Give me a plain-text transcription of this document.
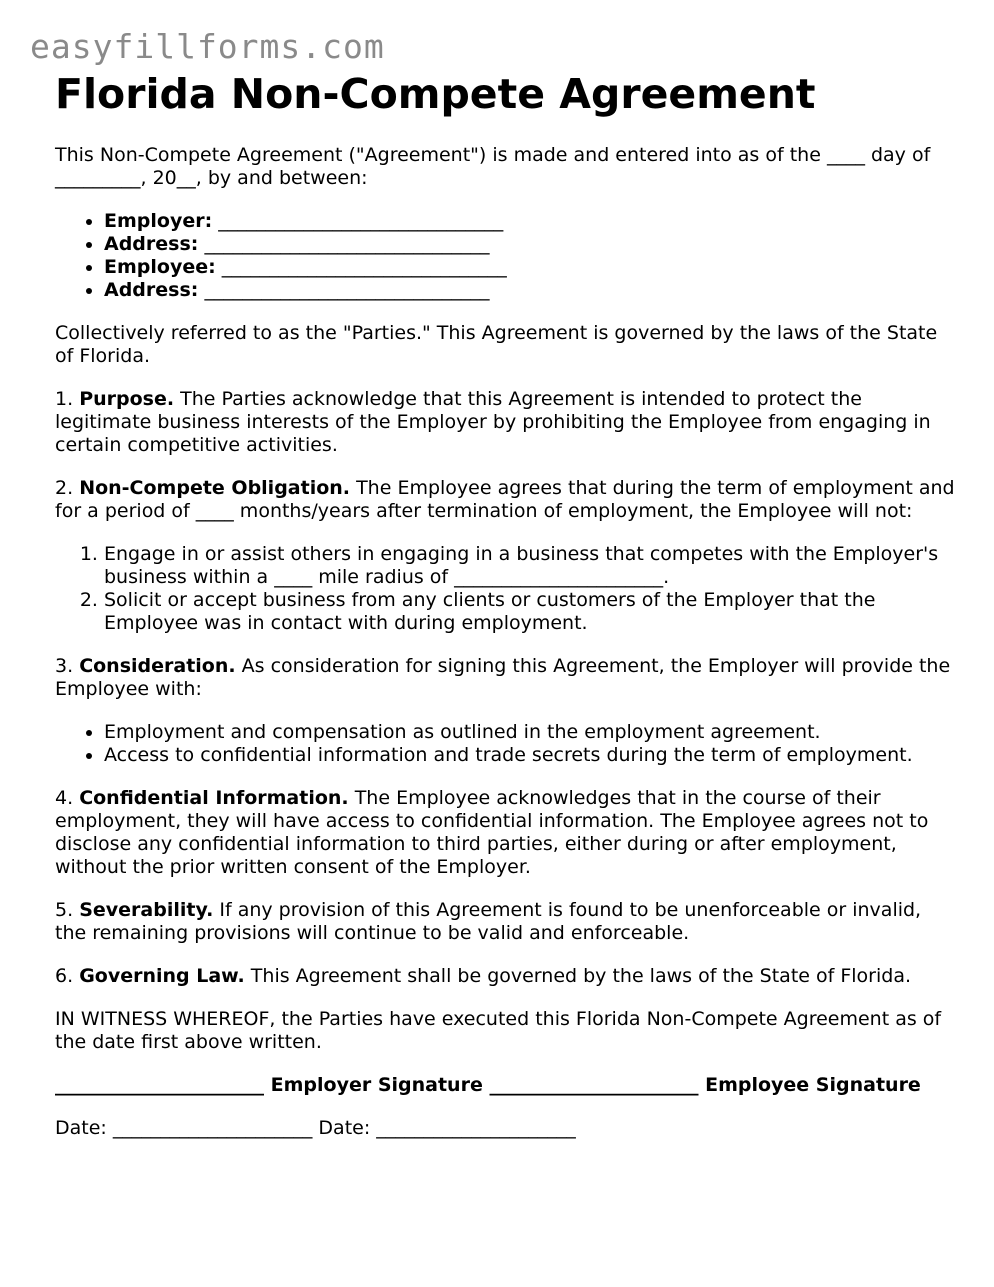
easyfillforms.com
Florida Non-Compete Agreement

This Non-Compete Agreement ("Agreement") is made and entered into as of the ____ day of _________, 20__, by and between:

• Employer: ______________________________
• Address: ______________________________
• Employee: ______________________________
• Address: ______________________________

Collectively referred to as the "Parties." This Agreement is governed by the laws of the State of Florida.

1. Purpose. The Parties acknowledge that this Agreement is intended to protect the legitimate business interests of the Employer by prohibiting the Employee from engaging in certain competitive activities.

2. Non-Compete Obligation. The Employee agrees that during the term of employment and for a period of ____ months/years after termination of employment, the Employee will not:

1. Engage in or assist others in engaging in a business that competes with the Employer's business within a ____ mile radius of ______________________.
2. Solicit or accept business from any clients or customers of the Employer that the Employee was in contact with during employment.

3. Consideration. As consideration for signing this Agreement, the Employer will provide the Employee with:

• Employment and compensation as outlined in the employment agreement.
• Access to confidential information and trade secrets during the term of employment.

4. Confidential Information. The Employee acknowledges that in the course of their employment, they will have access to confidential information. The Employee agrees not to disclose any confidential information to third parties, either during or after employment, without the prior written consent of the Employer.

5. Severability. If any provision of this Agreement is found to be unenforceable or invalid, the remaining provisions will continue to be valid and enforceable.

6. Governing Law. This Agreement shall be governed by the laws of the State of Florida.

IN WITNESS WHEREOF, the Parties have executed this Florida Non-Compete Agreement as of the date first above written.

______________________ Employer Signature ______________________ Employee Signature

Date: _____________________ Date: _____________________
